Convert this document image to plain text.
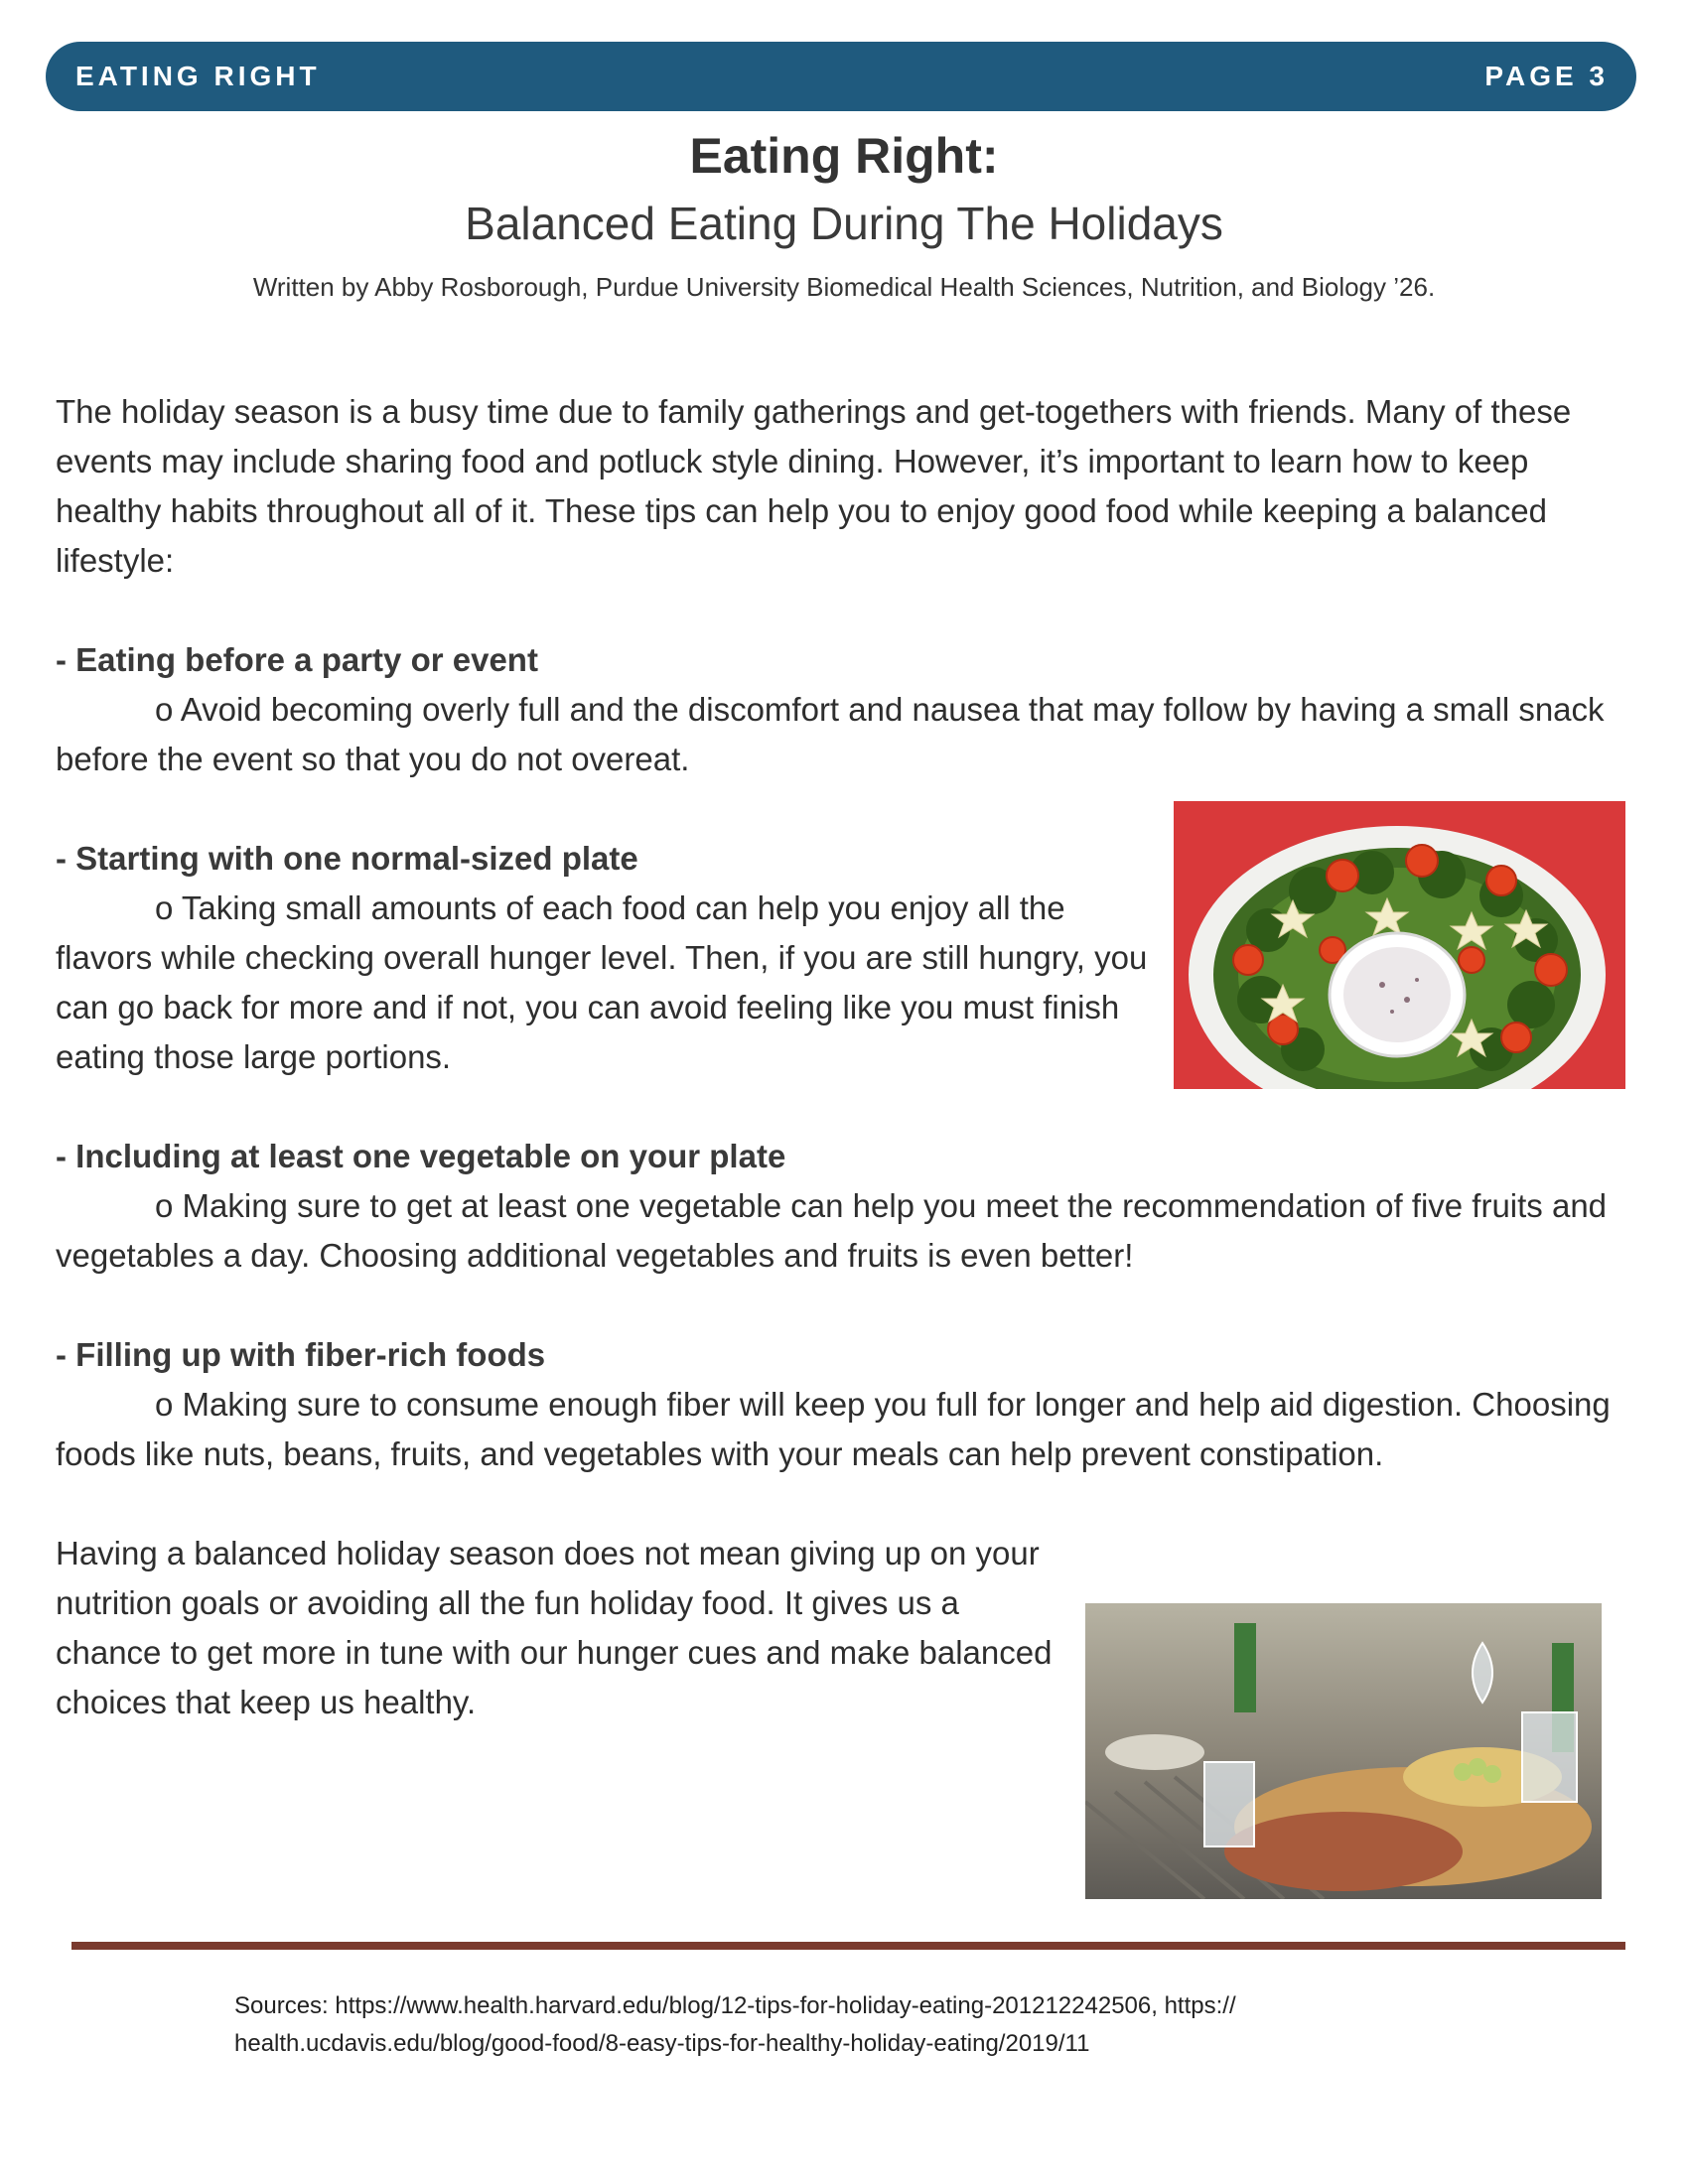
EATING RIGHT	PAGE 3
Eating Right:
Balanced Eating During The Holidays
Written by Abby Rosborough, Purdue University Biomedical Health Sciences, Nutrition, and Biology ’26.

The holiday season is a busy time due to family gatherings and get-togethers with friends. Many of these events may include sharing food and potluck style dining. However, it’s important to learn how to keep healthy habits throughout all of it. These tips can help you to enjoy good food while keeping a balanced lifestyle:

- Eating before a party or event

o Avoid becoming overly full and the discomfort and nausea that may follow by having a small snack before the event so that you do not overeat.

- Starting with one normal-sized plate

o Taking small amounts of each food can help you enjoy all the flavors while checking overall hunger level. Then, if you are still hungry, you can go back for more and if not, you can avoid feeling like you must finish eating those large portions.

- Including at least one vegetable on your plate

o Making sure to get at least one vegetable can help you meet the recommendation of five fruits and vegetables a day. Choosing additional vegetables and fruits is even better!

- Filling up with fiber-rich foods

o Making sure to consume enough fiber will keep you full for longer and help aid digestion. Choosing foods like nuts, beans, fruits, and vegetables with your meals can help prevent constipation.

Having a balanced holiday season does not mean giving up on your nutrition goals or avoiding all the fun holiday food. It gives us a chance to get more in tune with our hunger cues and make balanced choices that keep us healthy.

Sources: https://www.health.harvard.edu/blog/12-tips-for-holiday-eating-201212242506, https://

health.ucdavis.edu/blog/good-food/8-easy-tips-for-healthy-holiday-eating/2019/11
